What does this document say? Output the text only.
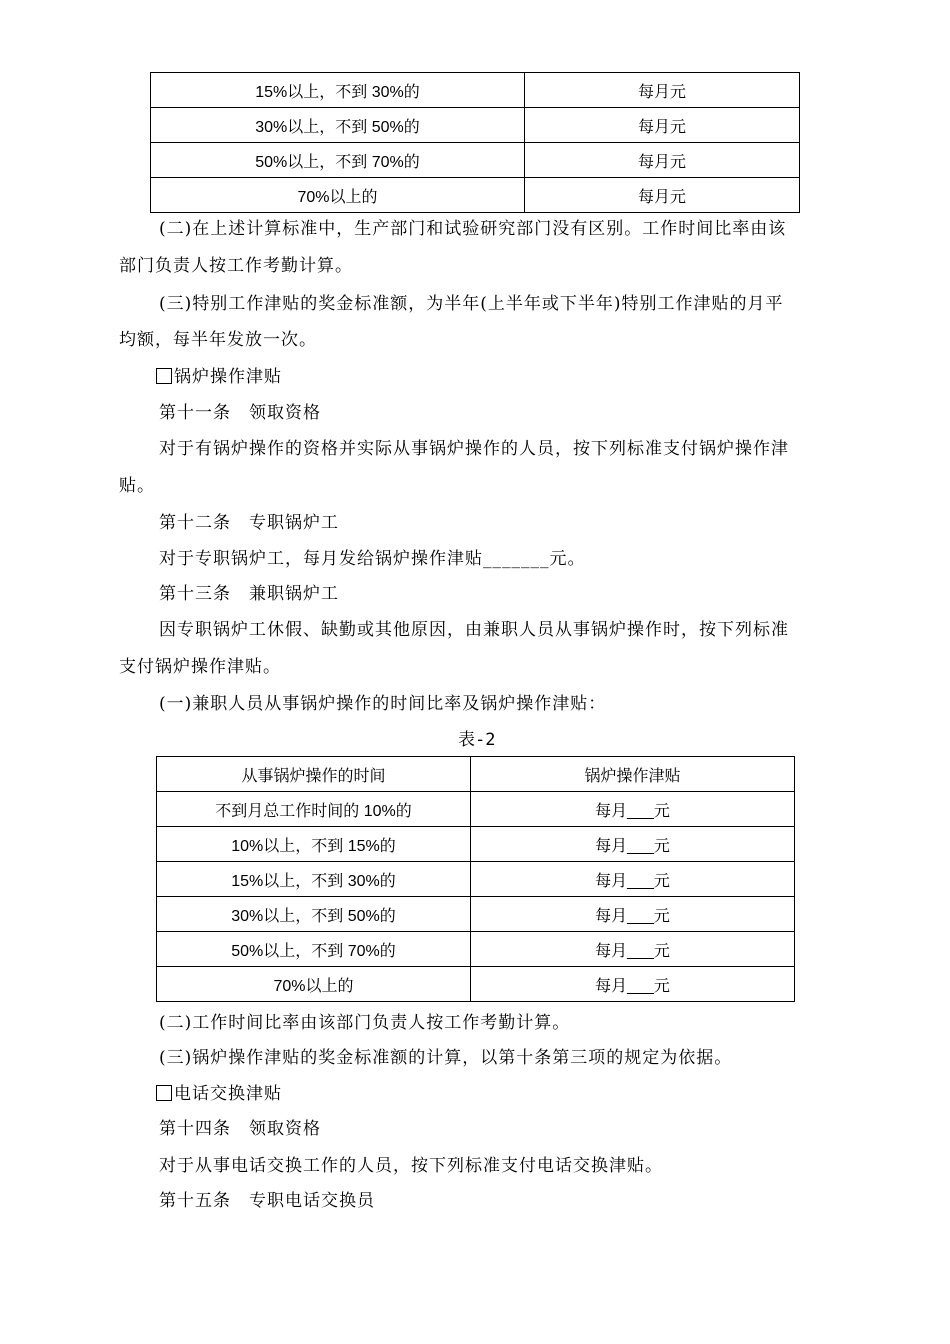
15%以上，不到 30%的	每月元
30%以上，不到 50%的	每月元
50%以上，不到 70%的	每月元
70%以上的	每月元
(二)在上述计算标准中，生产部门和试验研究部门没有区别。工作时间比率由该
部门负责人按工作考勤计算。
(三)特别工作津贴的奖金标准额，为半年(上半年或下半年)特别工作津贴的月平
均额，每半年发放一次。
锅炉操作津贴
第十一条　领取资格
对于有锅炉操作的资格并实际从事锅炉操作的人员，按下列标准支付锅炉操作津
贴。
第十二条　专职锅炉工
对于专职锅炉工，每月发给锅炉操作津贴_______元。
第十三条　兼职锅炉工
因专职锅炉工休假、缺勤或其他原因，由兼职人员从事锅炉操作时，按下列标准
支付锅炉操作津贴。
(一)兼职人员从事锅炉操作的时间比率及锅炉操作津贴：
表-2
从事锅炉操作的时间	锅炉操作津贴
不到月总工作时间的 10%的	每月___元
10%以上，不到 15%的	每月___元
15%以上，不到 30%的	每月___元
30%以上，不到 50%的	每月___元
50%以上，不到 70%的	每月___元
70%以上的	每月___元
(二)工作时间比率由该部门负责人按工作考勤计算。
(三)锅炉操作津贴的奖金标准额的计算，以第十条第三项的规定为依据。
电话交换津贴
第十四条　领取资格
对于从事电话交换工作的人员，按下列标准支付电话交换津贴。
第十五条　专职电话交换员
